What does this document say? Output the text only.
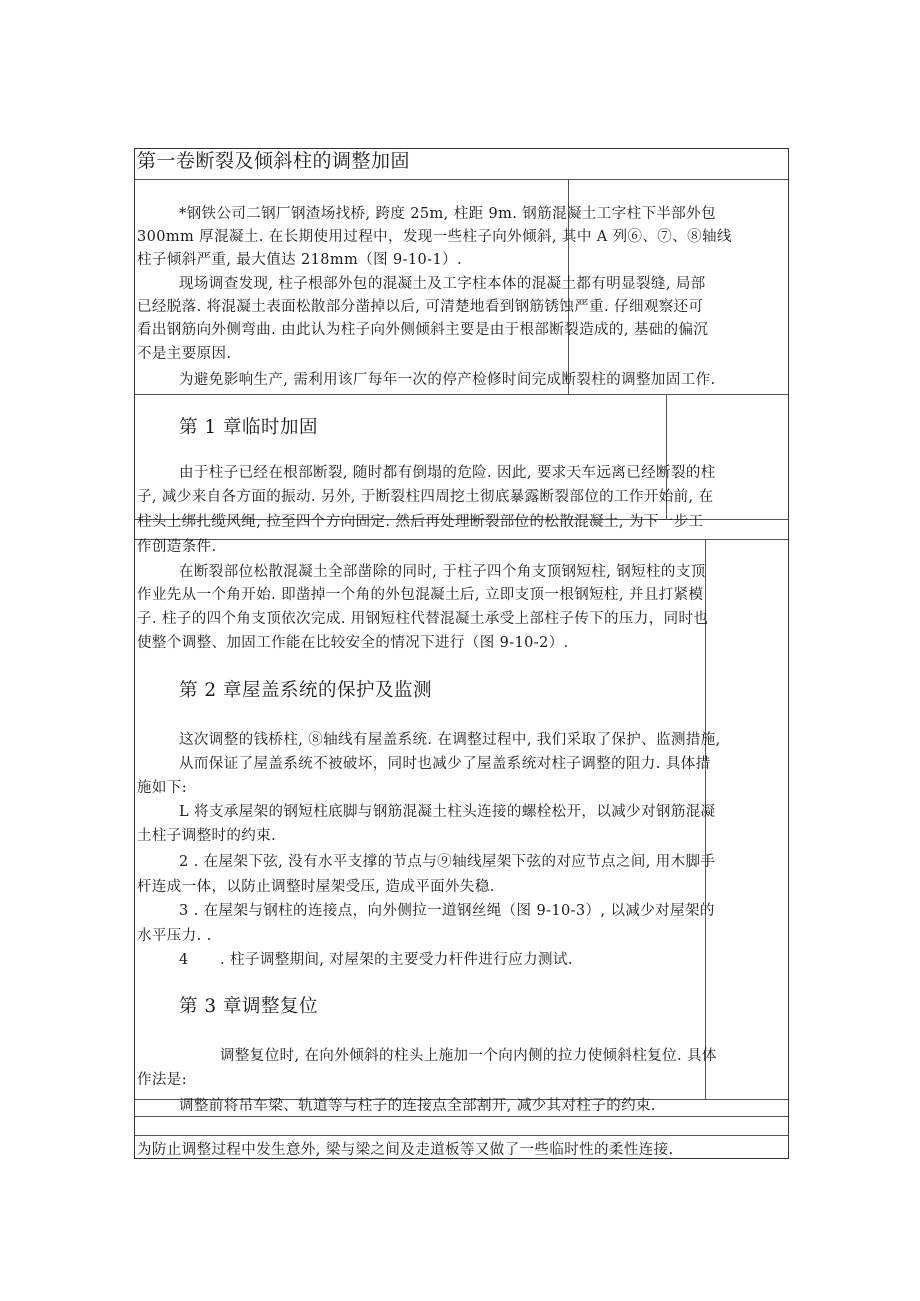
第一卷断裂及倾斜柱的调整加固
*钢铁公司二钢厂钢渣场找桥, 跨度 25m, 柱距 9m. 钢筋混凝土工字柱下半部外包
300mm 厚混凝土. 在长期使用过程中，发现一些柱子向外倾斜, 其中 A 列⑥、⑦、⑧轴线
柱子倾斜严重, 最大值达 218mm（图 9-10-1）.
现场调查发现, 柱子根部外包的混凝土及工字柱本体的混凝土都有明显裂缝, 局部
已经脱落. 将混凝土表面松散部分凿掉以后, 可清楚地看到钢筋锈蚀严重. 仔细观察还可
看出钢筋向外侧弯曲. 由此认为柱子向外侧倾斜主要是由于根部断裂造成的, 基础的偏沉
不是主要原因.
为避免影响生产, 需利用该厂每年一次的停产检修时间完成断裂柱的调整加固工作.
第 1 章临时加固
由于柱子已经在根部断裂, 随时都有倒塌的危险. 因此, 要求天车远离已经断裂的柱
子, 减少来自各方面的振动. 另外, 于断裂柱四周挖土彻底暴露断裂部位的工作开始前, 在
柱头上绑扎缆风绳, 拉至四个方向固定. 然后再处理断裂部位的松散混凝土, 为下一步工
作创造条件.
在断裂部位松散混凝土全部凿除的同时, 于柱子四个角支顶钢短柱, 钢短柱的支顶
作业先从一个角开始. 即凿掉一个角的外包混凝土后, 立即支顶一根钢短柱, 并且打紧模
子. 柱子的四个角支顶依次完成. 用钢短柱代替混凝土承受上部柱子传下的压力，同时也
使整个调整、加固工作能在比较安全的情况下进行（图 9-10-2）.
第 2 章屋盖系统的保护及监测
这次调整的钱桥柱, ⑧轴线有屋盖系统. 在调整过程中, 我们采取了保护、监测措施,
从而保证了屋盖系统不被破坏，同时也减少了屋盖系统对柱子调整的阻力. 具体措
施如下:
L 将支承屋架的钢短柱底脚与钢筋混凝土柱头连接的螺栓松开，以减少对钢筋混凝
土柱子调整时的约束.
2 . 在屋架下弦, 没有水平支撑的节点与⑨轴线屋架下弦的对应节点之间, 用木脚手
杆连成一体，以防止调整时屋架受压, 造成平面外失稳.
3 . 在屋架与钢柱的连接点，向外侧拉一道钢丝绳（图 9-10-3）, 以减少对屋架的
水平压力. .
4 . 柱子调整期间, 对屋架的主要受力杆件进行应力测试.
第 3 章调整复位
调整复位时, 在向外倾斜的柱头上施加一个向内侧的拉力使倾斜柱复位. 具体
作法是:
调整前将吊车梁、轨道等与柱子的连接点全部割开, 减少其对柱子的约束.
为防止调整过程中发生意外, 梁与梁之间及走道板等又做了一些临时性的柔性连接.
